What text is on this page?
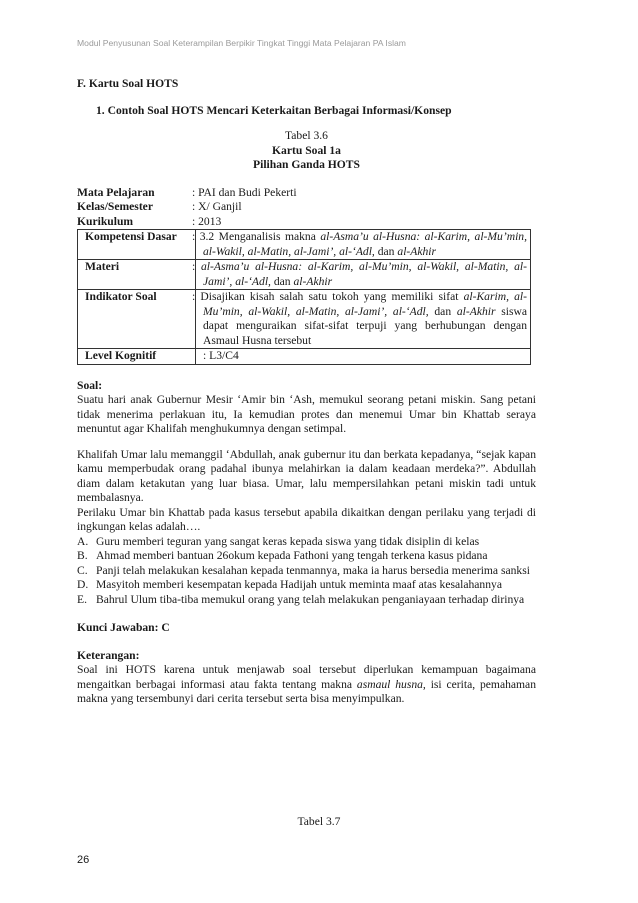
Modul Penyusunan Soal Keterampilan Berpikir Tingkat Tinggi Mata Pelajaran PA Islam

F. Kartu Soal HOTS

1. Contoh Soal HOTS Mencari Keterkaitan Berbagai Informasi/Konsep

Tabel 3.6

Kartu Soal 1a

Pilihan Ganda HOTS

Mata Pelajaran	: PAI dan Budi Pekerti
Kelas/Semester	: X/ Ganjil
Kurikulum	: 2013
Kompetensi Dasar	: 3.2 Menganalisis makna al-Asma’u al-Husna: al-Karim, al-Mu’min, al-Wakil, al-Matin, al-Jami’, al-‘Adl, dan al-Akhir
Materi	: al-Asma’u al-Husna: al-Karim, al-Mu’min, al-Wakil, al-Matin, al-Jami’, al-‘Adl, dan al-Akhir
Indikator Soal	: Disajikan kisah salah satu tokoh yang memiliki sifat al-Karim, al-Mu’min, al-Wakil, al-Matin, al-Jami’, al-‘Adl, dan al-Akhir siswa dapat menguraikan sifat-sifat terpuji yang berhubungan dengan Asmaul Husna tersebut
Level Kognitif	: L3/C4

Soal:

Suatu hari anak Gubernur Mesir ‘Amir bin ‘Ash, memukul seorang petani miskin. Sang petani tidak menerima perlakuan itu, Ia kemudian protes dan menemui Umar bin Khattab seraya menuntut agar Khalifah menghukumnya dengan setimpal.

Khalifah Umar lalu memanggil ‘Abdullah, anak gubernur itu dan berkata kepadanya, “sejak kapan kamu memperbudak orang padahal ibunya melahirkan ia dalam keadaan merdeka?”. Abdullah diam dalam ketakutan yang luar biasa. Umar, lalu mempersilahkan petani miskin tadi untuk membalasnya.

Perilaku Umar bin Khattab pada kasus tersebut apabila dikaitkan dengan perilaku yang terjadi di ingkungan kelas adalah….

A. Guru memberi teguran yang sangat keras kepada siswa yang tidak disiplin di kelas
B. Ahmad memberi bantuan 26okum kepada Fathoni yang tengah terkena kasus pidana
C. Panji telah melakukan kesalahan kepada tenmannya, maka ia harus bersedia menerima sanksi
D. Masyitoh memberi kesempatan kepada Hadijah untuk meminta maaf atas kesalahannya
E. Bahrul Ulum tiba-tiba memukul orang yang telah melakukan penganiayaan terhadap dirinya

Kunci Jawaban: C

Keterangan:

Soal ini HOTS karena untuk menjawab soal tersebut diperlukan kemampuan bagaimana mengaitkan berbagai informasi atau fakta tentang makna asmaul husna, isi cerita, pemahaman makna yang tersembunyi dari cerita tersebut serta bisa menyimpulkan.

Tabel 3.7
26
